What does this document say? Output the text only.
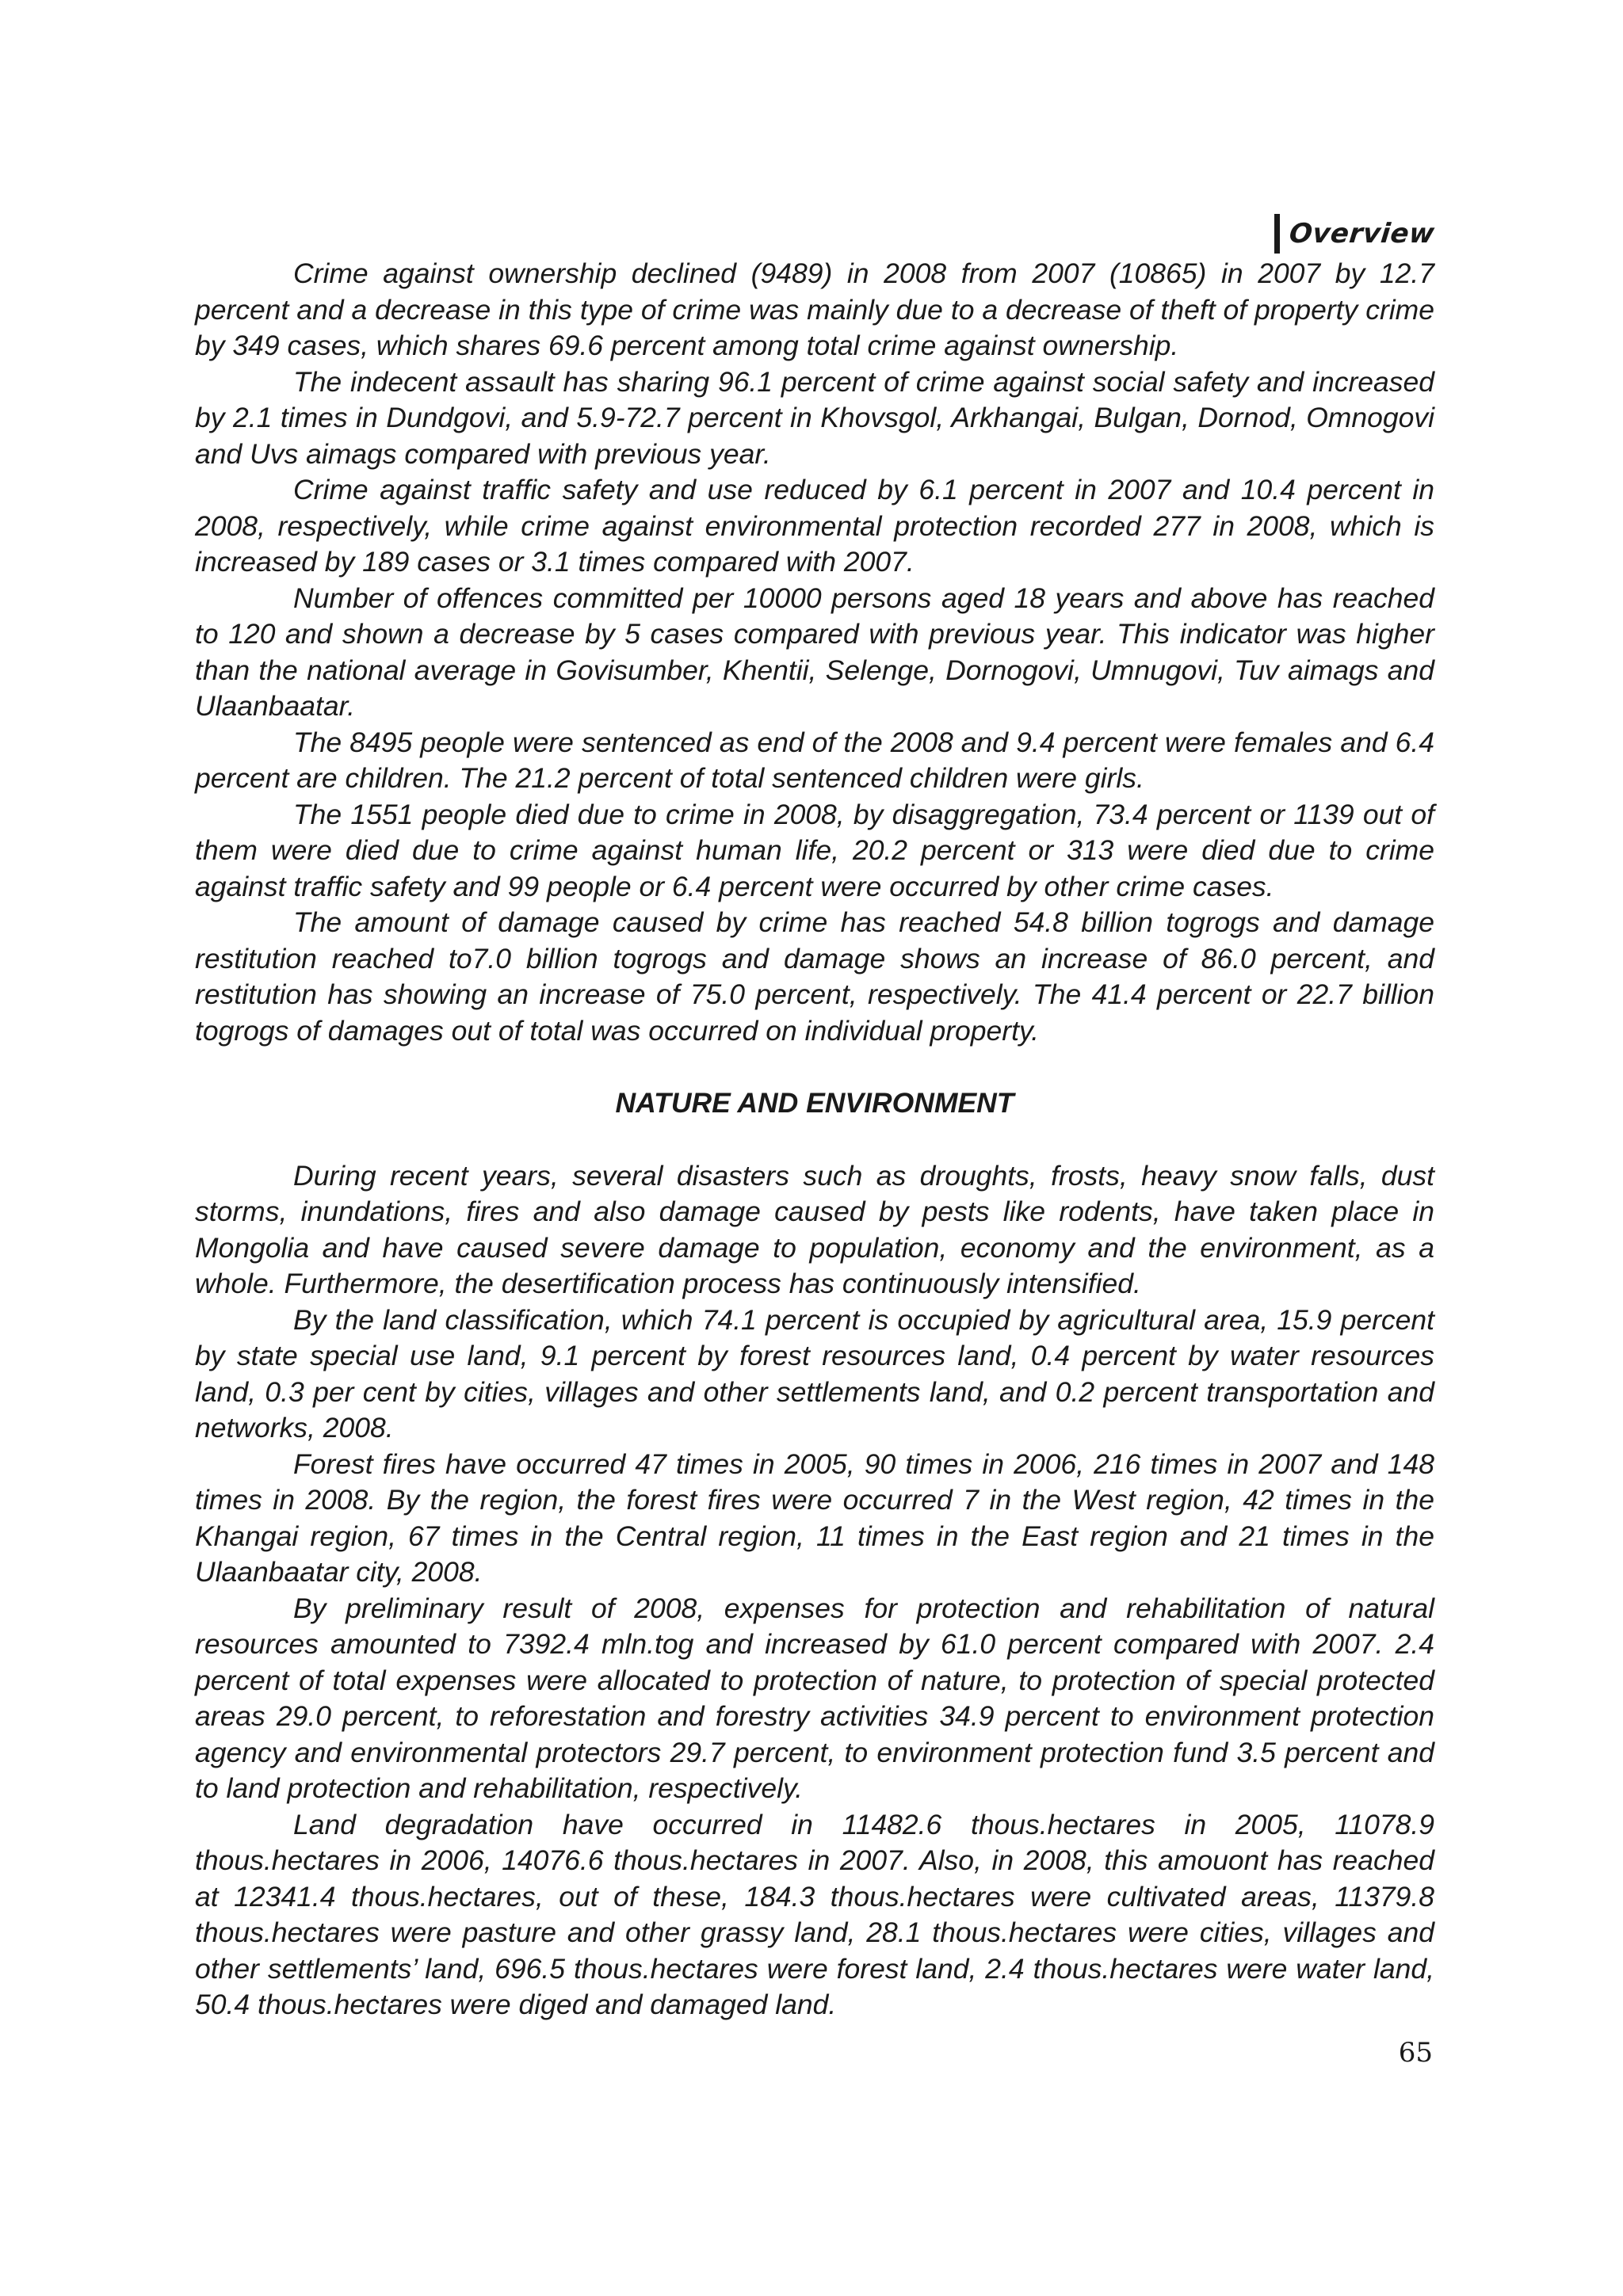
Overview

Crime against ownership declined (9489) in 2008 from 2007 (10865) in 2007 by 12.7 percent and a decrease in this type of crime was mainly due to a decrease of theft of property crime by 349 cases, which shares 69.6 percent among total crime against ownership.

The indecent assault has sharing 96.1 percent of crime against social safety and increased by 2.1 times in Dundgovi, and 5.9-72.7 percent in Khovsgol, Arkhangai, Bulgan, Dornod, Omnogovi and Uvs aimags compared with previous year.

Crime against traffic safety and use reduced by 6.1 percent in 2007 and 10.4 percent in 2008, respectively, while crime against environmental protection recorded 277 in 2008, which is increased by 189 cases or 3.1 times compared with 2007.

Number of offences committed per 10000 persons aged 18 years and above has reached to 120 and shown a decrease by 5 cases compared with previous year. This indicator was higher than the national average in Govisumber, Khentii, Selenge, Dornogovi, Umnugovi, Tuv aimags and Ulaanbaatar.

The 8495 people were sentenced as end of the 2008 and 9.4 percent were females and 6.4 percent are children. The 21.2 percent of total sentenced children were girls.

The 1551 people died due to crime in 2008, by disaggregation, 73.4 percent or 1139 out of them were died due to crime against human life, 20.2 percent or 313 were died due to crime against traffic safety and 99 people or 6.4 percent were occurred by other crime cases.

The amount of damage caused by crime has reached 54.8 billion togrogs and damage restitution reached to7.0 billion togrogs and damage shows an increase of 86.0 percent, and restitution has showing an increase of 75.0 percent, respectively. The 41.4 percent or 22.7 billion togrogs of damages out of total was occurred on individual property.

NATURE AND ENVIRONMENT

During recent years, several disasters such as droughts, frosts, heavy snow falls, dust storms, inundations, fires and also damage caused by pests like rodents, have taken place in Mongolia and have caused severe damage to population, economy and the environment, as a whole. Furthermore, the desertification process has continuously intensified.

By the land classification, which 74.1 percent is occupied by agricultural area, 15.9 percent by state special use land, 9.1 percent by forest resources land, 0.4 percent by water resources land, 0.3 per cent by cities, villages and other settlements land, and 0.2 percent transportation and networks, 2008.

Forest fires have occurred 47 times in 2005, 90 times in 2006, 216 times in 2007 and 148 times in 2008. By the region, the forest fires were occurred 7 in the West region, 42 times in the Khangai region, 67 times in the Central region, 11 times in the East region and 21 times in the Ulaanbaatar city, 2008.

By preliminary result of 2008, expenses for protection and rehabilitation of natural resources amounted to 7392.4 mln.tog and increased by 61.0 percent compared with 2007. 2.4 percent of total expenses were allocated to protection of nature, to protection of special protected areas 29.0 percent, to reforestation and forestry activities 34.9 percent to environment protection agency and environmental protectors 29.7 percent, to environment protection fund 3.5 percent and to land protection and rehabilitation, respectively.

Land degradation have occurred in 11482.6 thous.hectares in 2005, 11078.9 thous.hectares in 2006, 14076.6 thous.hectares in 2007. Also, in 2008, this amouont has reached at 12341.4 thous.hectares, out of these, 184.3 thous.hectares were cultivated areas, 11379.8 thous.hectares were pasture and other grassy land, 28.1 thous.hectares were cities, villages and other settlements’ land, 696.5 thous.hectares were forest land, 2.4 thous.hectares were water land, 50.4 thous.hectares were diged and damaged land.

65
